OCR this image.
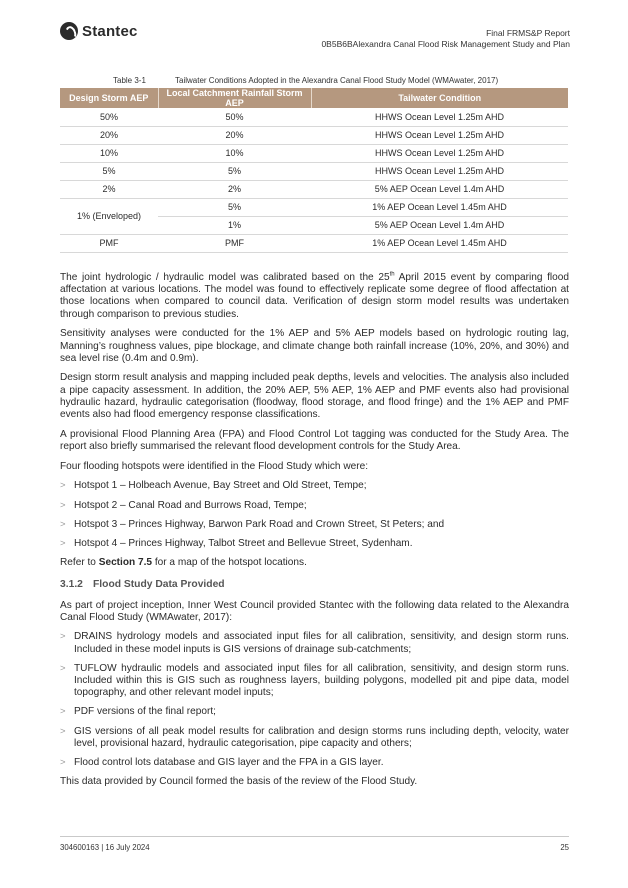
Stantec	Final FRMS&P Report
0B5B6BAlexandra Canal Flood Risk Management Study and Plan
Table 3-1	Tailwater Conditions Adopted in the Alexandra Canal Flood Study Model (WMAwater, 2017)
Design Storm AEP	Local Catchment Rainfall Storm AEP	Tailwater Condition
50%	50%	HHWS Ocean Level 1.25m AHD
20%	20%	HHWS Ocean Level 1.25m AHD
10%	10%	HHWS Ocean Level 1.25m AHD
5%	5%	HHWS Ocean Level 1.25m AHD
2%	2%	5% AEP Ocean Level 1.4m AHD
1% (Enveloped)	5%	1% AEP Ocean Level 1.45m AHD
	1%	5% AEP Ocean Level 1.4m AHD
PMF	PMF	1% AEP Ocean Level 1.45m AHD

The joint hydrologic / hydraulic model was calibrated based on the 25th April 2015 event by comparing flood affectation at various locations. The model was found to effectively replicate some degree of flood affectation at those locations when compared to council data. Verification of design storm model results was undertaken through comparison to previous studies.

Sensitivity analyses were conducted for the 1% AEP and 5% AEP models based on hydrologic routing lag, Manning’s roughness values, pipe blockage, and climate change both rainfall increase (10%, 20%, and 30%) and sea level rise (0.4m and 0.9m).

Design storm result analysis and mapping included peak depths, levels and velocities. The analysis also included a pipe capacity assessment. In addition, the 20% AEP, 5% AEP, 1% AEP and PMF events also had provisional hydraulic hazard, hydraulic categorisation (floodway, flood storage, and flood fringe) and the 1% AEP and PMF events also had flood emergency response classifications.

A provisional Flood Planning Area (FPA) and Flood Control Lot tagging was conducted for the Study Area. The report also briefly summarised the relevant flood development controls for the Study Area.

Four flooding hotspots were identified in the Flood Study which were:

> Hotspot 1 – Holbeach Avenue, Bay Street and Old Street, Tempe;
> Hotspot 2 – Canal Road and Burrows Road, Tempe;
> Hotspot 3 – Princes Highway, Barwon Park Road and Crown Street, St Peters; and
> Hotspot 4 – Princes Highway, Talbot Street and Bellevue Street, Sydenham.

Refer to Section 7.5 for a map of the hotspot locations.

3.1.2 Flood Study Data Provided

As part of project inception, Inner West Council provided Stantec with the following data related to the Alexandra Canal Flood Study (WMAwater, 2017):

> DRAINS hydrology models and associated input files for all calibration, sensitivity, and design storm runs. Included in these model inputs is GIS versions of drainage sub-catchments;
> TUFLOW hydraulic models and associated input files for all calibration, sensitivity, and design storm runs. Included within this is GIS such as roughness layers, building polygons, modelled pit and pipe data, model topography, and other relevant model inputs;
> PDF versions of the final report;
> GIS versions of all peak model results for calibration and design storms runs including depth, velocity, water level, provisional hazard, hydraulic categorisation, pipe capacity and others;
> Flood control lots database and GIS layer and the FPA in a GIS layer.

This data provided by Council formed the basis of the review of the Flood Study.

304600163 | 16 July 2024	25
